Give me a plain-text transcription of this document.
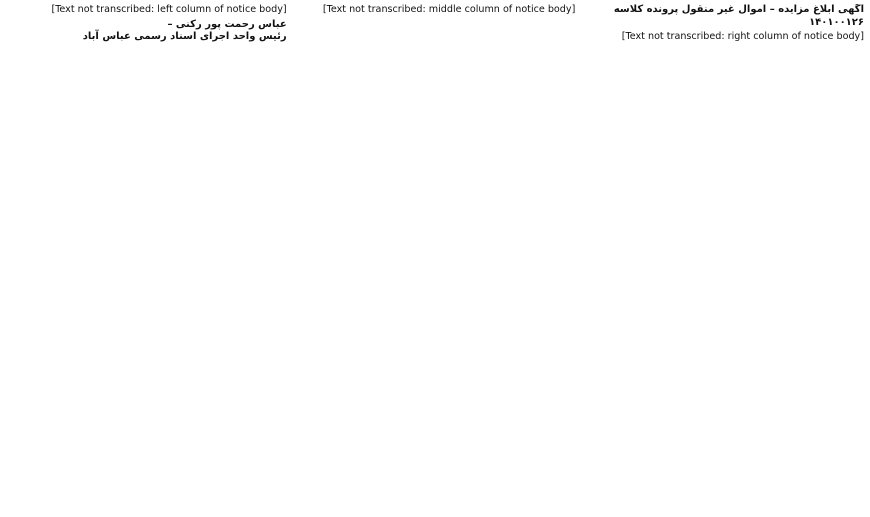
آگهی ابلاغ مزایده – اموال غیر منقول پرونده کلاسه

۱۴۰۱۰۰۱۲۶

[Text not transcribed: right column of notice body]

[Text not transcribed: middle column of notice body]

[Text not transcribed: left column of notice body]

عباس رحمت پور رکنی –

رئیس واحد اجرای اسناد رسمی عباس آباد
